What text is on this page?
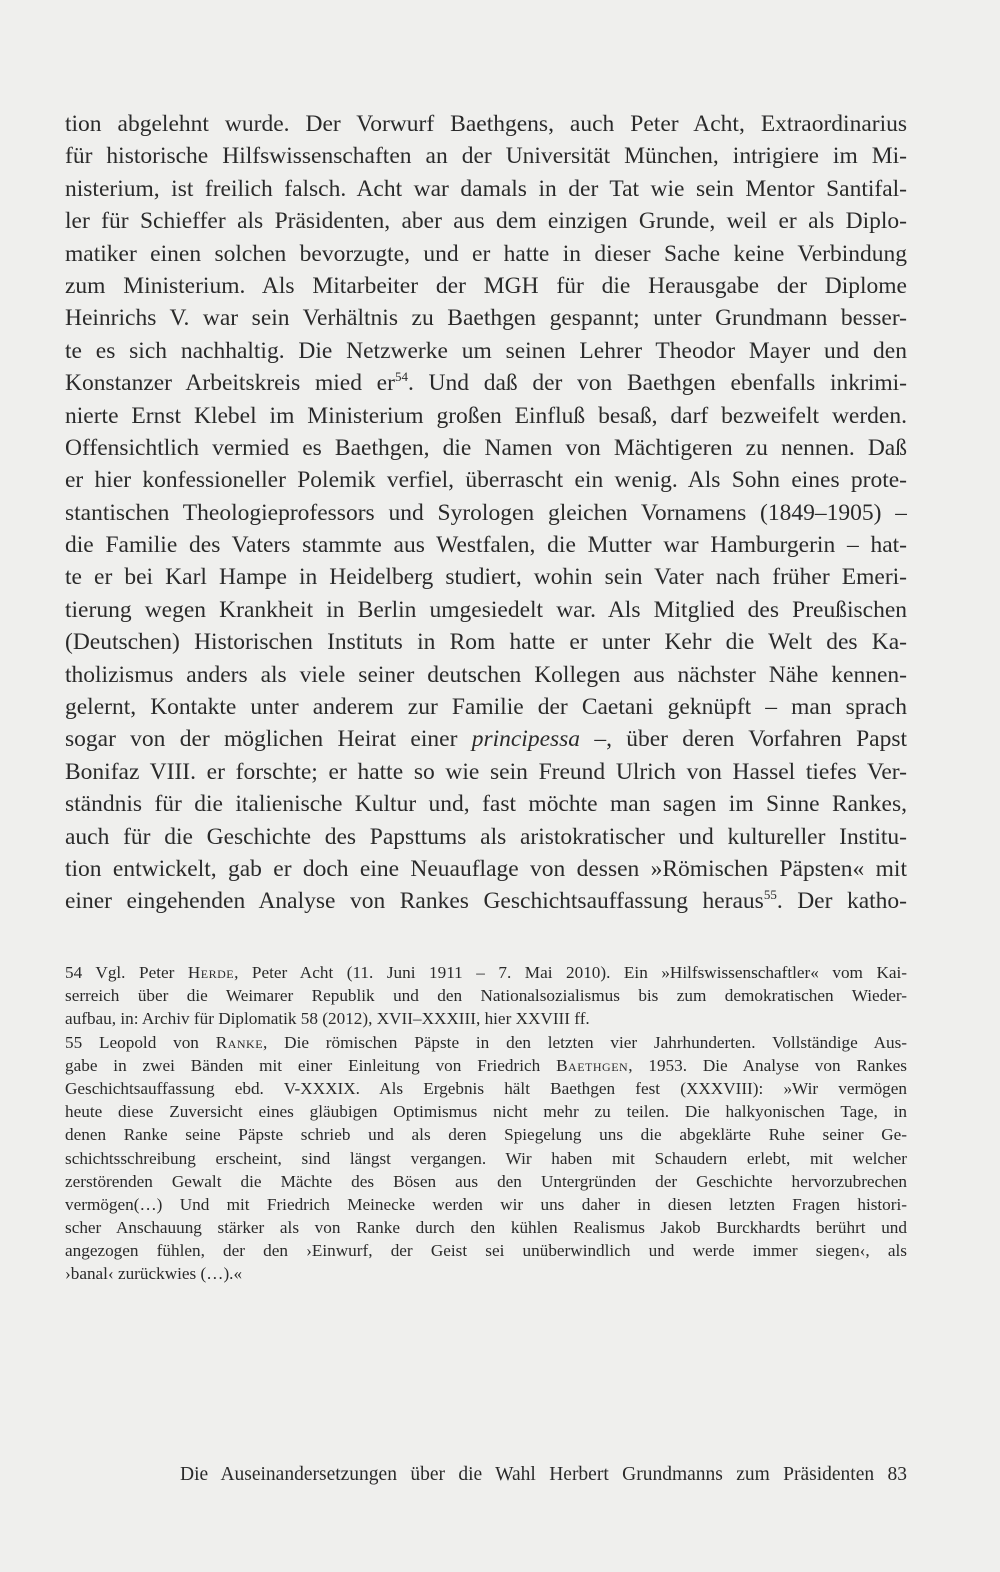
tion abgelehnt wurde. Der Vorwurf Baethgens, auch Peter Acht, Extraordinarius
für historische Hilfswissenschaften an der Universität München, intrigiere im Mi-
nisterium, ist freilich falsch. Acht war damals in der Tat wie sein Mentor Santifal-
ler für Schieffer als Präsidenten, aber aus dem einzigen Grunde, weil er als Diplo-
matiker einen solchen bevorzugte, und er hatte in dieser Sache keine Verbindung
zum Ministerium. Als Mitarbeiter der MGH für die Herausgabe der Diplome
Heinrichs V. war sein Verhältnis zu Baethgen gespannt; unter Grundmann besser-
te es sich nachhaltig. Die Netzwerke um seinen Lehrer Theodor Mayer und den
Konstanzer Arbeitskreis mied $er^{54}$. Und daß der von Baethgen ebenfalls inkrimi-
nierte Ernst Klebel im Ministerium großen Einfluß besaß, darf bezweifelt werden.
Offensichtlich vermied es Baethgen, die Namen von Mächtigeren zu nennen. Daß
er hier konfessioneller Polemik verfiel, überrascht ein wenig. Als Sohn eines prote-
stantischen Theologieprofessors und Syrologen gleichen Vornamens (1849–1905) –
die Familie des Vaters stammte aus Westfalen, die Mutter war Hamburgerin – hat-
te er bei Karl Hampe in Heidelberg studiert, wohin sein Vater nach früher Emeri-
tierung wegen Krankheit in Berlin umgesiedelt war. Als Mitglied des Preußischen
(Deutschen) Historischen Instituts in Rom hatte er unter Kehr die Welt des Ka-
tholizismus anders als viele seiner deutschen Kollegen aus nächster Nähe kennen-
gelernt, Kontakte unter anderem zur Familie der Caetani geknüpft – man sprach
sogar von der möglichen Heirat einer principessa –, über deren Vorfahren Papst
Bonifaz VIII. er forschte; er hatte so wie sein Freund Ulrich von Hassel tiefes Ver-
ständnis für die italienische Kultur und, fast möchte man sagen im Sinne Rankes,
auch für die Geschichte des Papsttums als aristokratischer und kultureller Institu-
tion entwickelt, gab er doch eine Neuauflage von dessen »Römischen Päpsten« mit
einer eingehenden Analyse von Rankes Geschichtsauffassung heraus$^{55}$. Der katho-
54 Vgl. Peter Herde, Peter Acht (11. Juni 1911 – 7. Mai 2010). Ein »Hilfswissenschaftler« vom Kai-
serreich über die Weimarer Republik und den Nationalsozialismus bis zum demokratischen Wieder-
aufbau, in: Archiv für Diplomatik 58 (2012), XVII–XXXIII, hier XXVIII ff.
55 Leopold von Ranke, Die römischen Päpste in den letzten vier Jahrhunderten. Vollständige Aus-
gabe in zwei Bänden mit einer Einleitung von Friedrich Baethgen, 1953. Die Analyse von Rankes
Geschichtsauffassung ebd. V-XXXIX. Als Ergebnis hält Baethgen fest (XXXVIII): »Wir vermögen
heute diese Zuversicht eines gläubigen Optimismus nicht mehr zu teilen. Die halkyonischen Tage, in
denen Ranke seine Päpste schrieb und als deren Spiegelung uns die abgeklärte Ruhe seiner Ge-
schichtsschreibung erscheint, sind längst vergangen. Wir haben mit Schaudern erlebt, mit welcher
zerstörenden Gewalt die Mächte des Bösen aus den Untergründen der Geschichte hervorzubrechen
vermögen(…) Und mit Friedrich Meinecke werden wir uns daher in diesen letzten Fragen histori-
scher Anschauung stärker als von Ranke durch den kühlen Realismus Jakob Burckhardts berührt und
angezogen fühlen, der den ›Einwurf, der Geist sei unüberwindlich und werde immer siegen‹, als
›banal‹ zurückwies (…).«
Die Auseinandersetzungen über die Wahl Herbert Grundmanns zum Präsidenten 83
